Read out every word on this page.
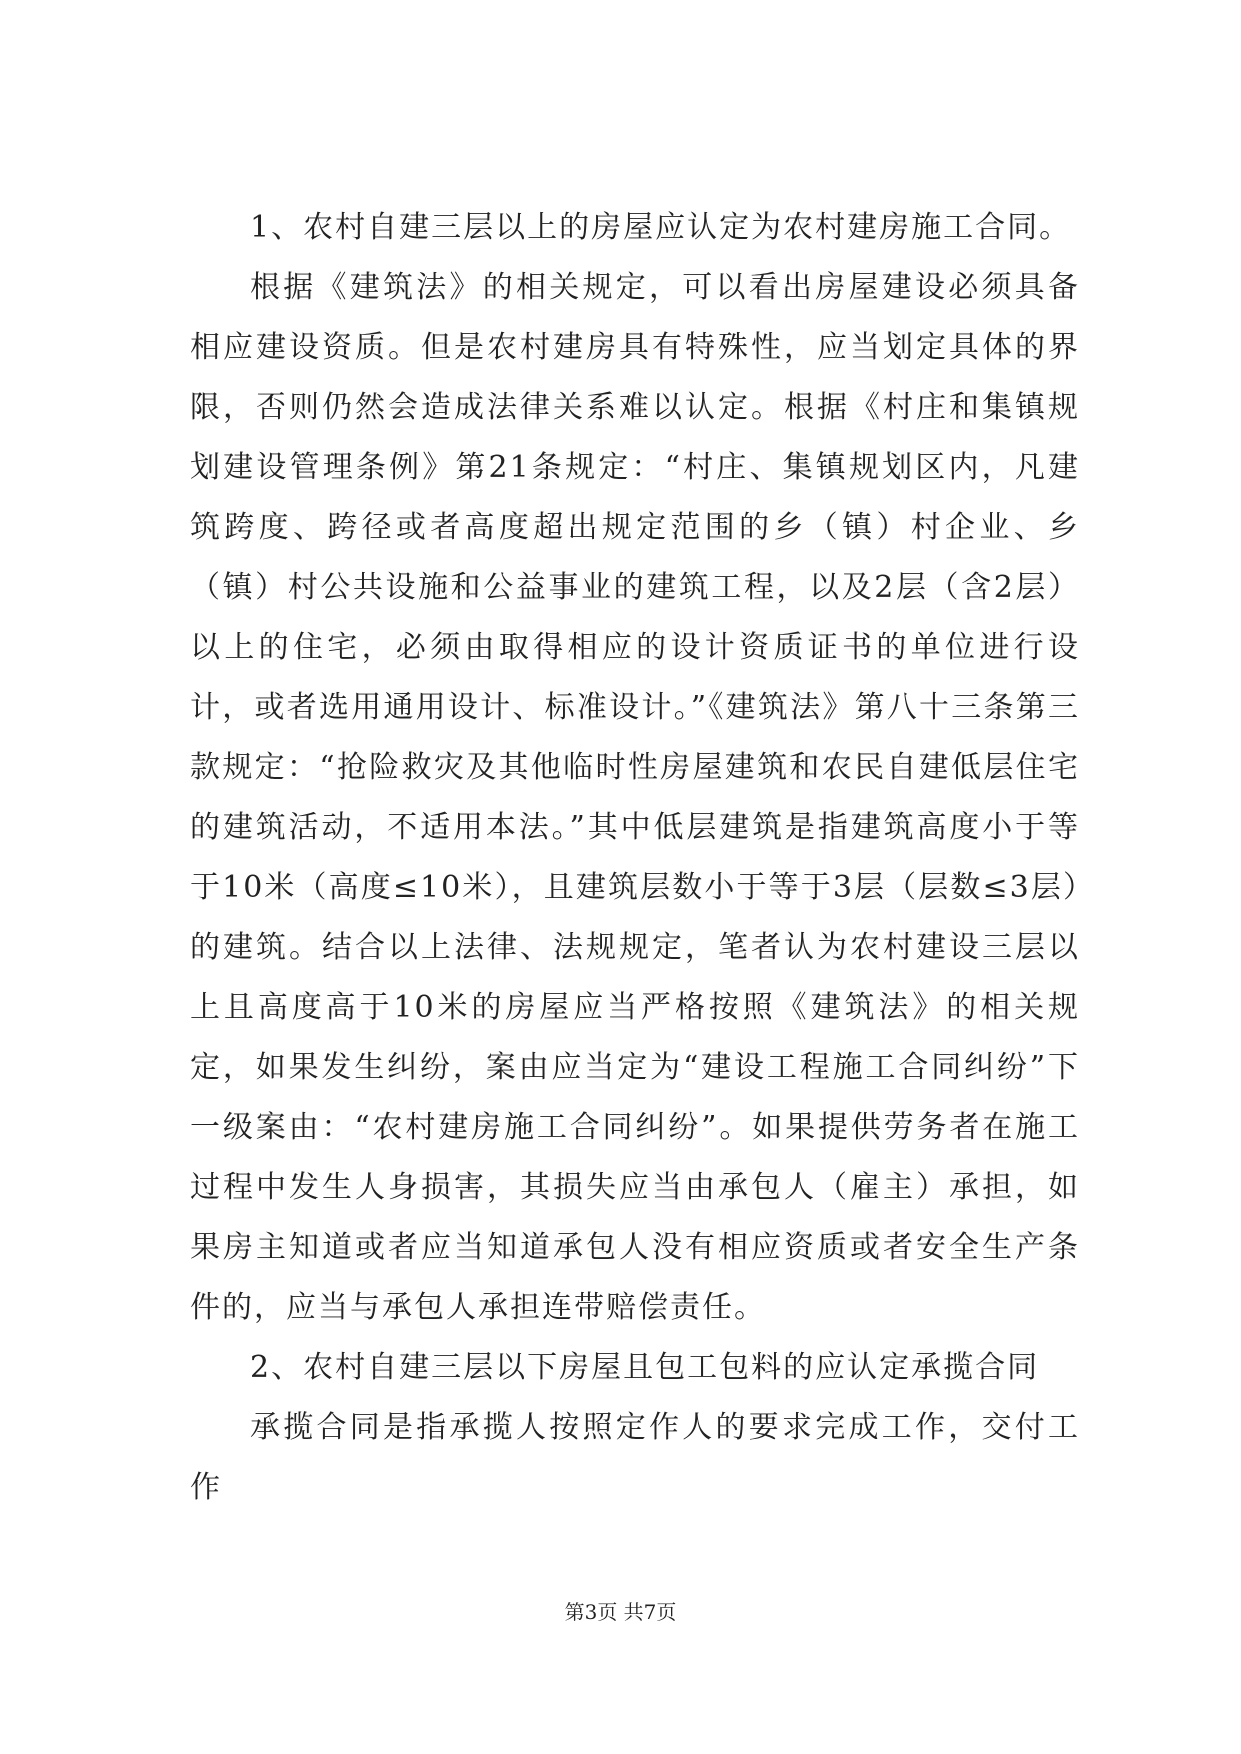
1、农村自建三层以上的房屋应认定为农村建房施工合同。

根据《建筑法》的相关规定，可以看出房屋建设必须具备相应建设资质。但是农村建房具有特殊性，应当划定具体的界限，否则仍然会造成法律关系难以认定。根据《村庄和集镇规划建设管理条例》第21条规定：“村庄、集镇规划区内，凡建筑跨度、跨径或者高度超出规定范围的乡（镇）村企业、乡（镇）村公共设施和公益事业的建筑工程，以及2层（含2层）以上的住宅，必须由取得相应的设计资质证书的单位进行设计，或者选用通用设计、标准设计。”《建筑法》第八十三条第三款规定：“抢险救灾及其他临时性房屋建筑和农民自建低层住宅的建筑活动，不适用本法。”其中低层建筑是指建筑高度小于等于10米（高度≤10米），且建筑层数小于等于3层（层数≤3层）的建筑。结合以上法律、法规规定，笔者认为农村建设三层以上且高度高于10米的房屋应当严格按照《建筑法》的相关规定，如果发生纠纷，案由应当定为“建设工程施工合同纠纷”下一级案由：“农村建房施工合同纠纷”。如果提供劳务者在施工过程中发生人身损害，其损失应当由承包人（雇主）承担，如果房主知道或者应当知道承包人没有相应资质或者安全生产条件的，应当与承包人承担连带赔偿责任。

2、农村自建三层以下房屋且包工包料的应认定承揽合同

承揽合同是指承揽人按照定作人的要求完成工作，交付工作

第3页 共7页
